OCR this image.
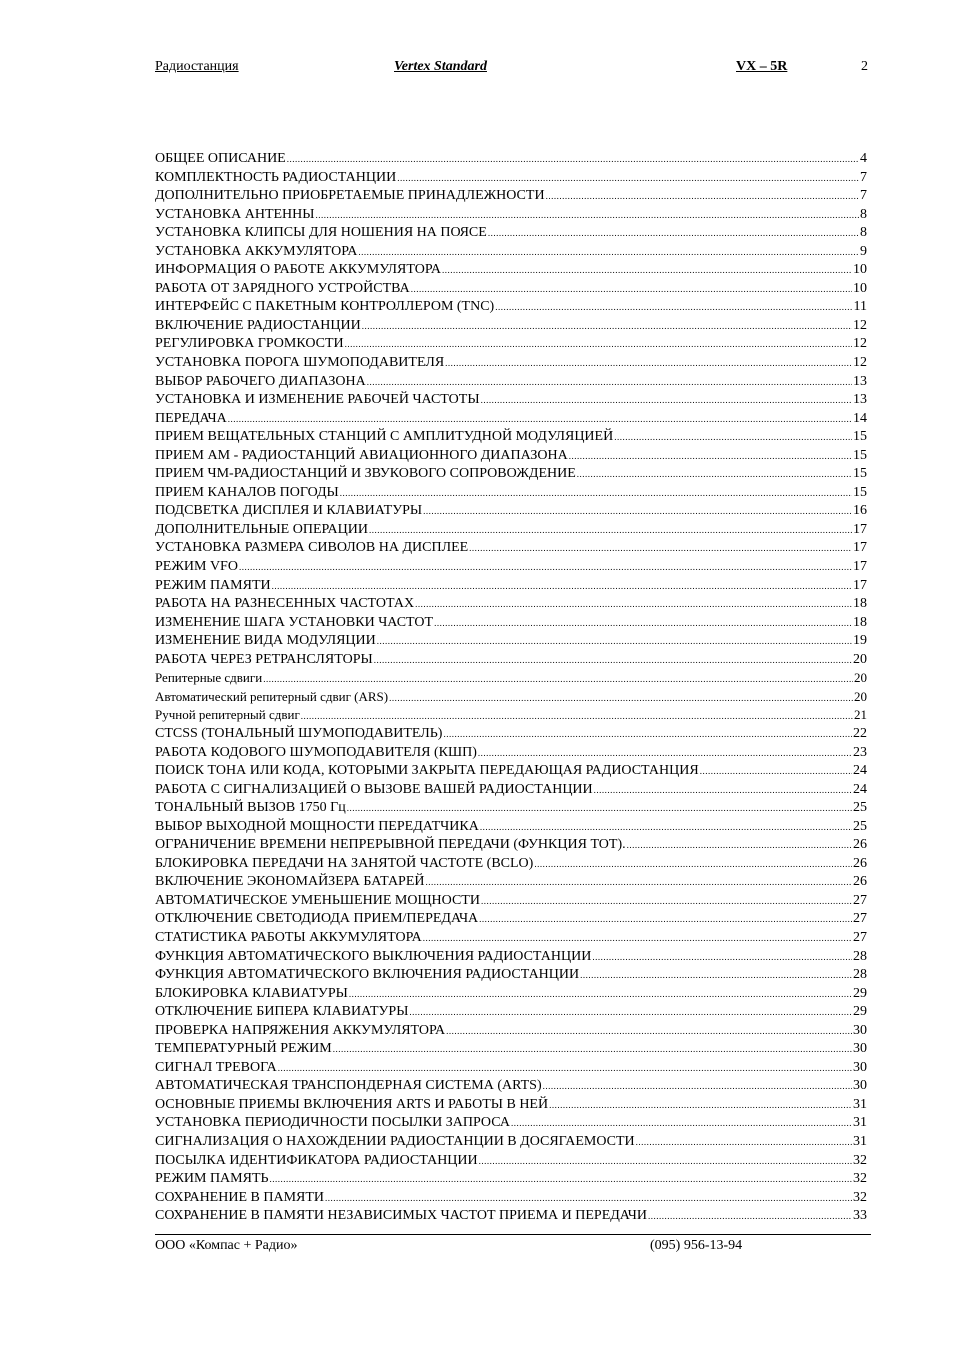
Радиостанция	Vertex Standard	VX – 5R	2
ОБЩЕЕ ОПИСАНИЕ .....	4
КОМПЛЕКТНОСТЬ РАДИОСТАНЦИИ .....	7
ДОПОЛНИТЕЛЬНО ПРИОБРЕТАЕМЫЕ ПРИНАДЛЕЖНОСТИ .....	7
УСТАНОВКА АНТЕННЫ .....	8
УСТАНОВКА КЛИПСЫ ДЛЯ НОШЕНИЯ НА ПОЯСЕ .....	8
УСТАНОВКА АККУМУЛЯТОРА .....	9
ИНФОРМАЦИЯ О РАБОТЕ АККУМУЛЯТОРА .....	10
РАБОТА ОТ ЗАРЯДНОГО УСТРОЙСТВА .....	10
ИНТЕРФЕЙС С ПАКЕТНЫМ КОНТРОЛЛЕРОМ (TNC) .....	11
ВКЛЮЧЕНИЕ РАДИОСТАНЦИИ .....	12
РЕГУЛИРОВКА ГРОМКОСТИ .....	12
УСТАНОВКА ПОРОГА ШУМОПОДАВИТЕЛЯ .....	12
ВЫБОР РАБОЧЕГО ДИАПАЗОНА .....	13
УСТАНОВКА И ИЗМЕНЕНИЕ РАБОЧЕЙ ЧАСТОТЫ .....	13
ПЕРЕДАЧА .....	14
ПРИЕМ ВЕЩАТЕЛЬНЫХ СТАНЦИЙ С АМПЛИТУДНОЙ МОДУЛЯЦИЕЙ .....	15
ПРИЕМ АМ - РАДИОСТАНЦИЙ АВИАЦИОННОГО ДИАПАЗОНА .....	15
ПРИЕМ ЧМ-РАДИОСТАНЦИЙ И ЗВУКОВОГО СОПРОВОЖДЕНИЕ .....	15
ПРИЕМ КАНАЛОВ ПОГОДЫ .....	15
ПОДСВЕТКА ДИСПЛЕЯ И КЛАВИАТУРЫ .....	16
ДОПОЛНИТЕЛЬНЫЕ ОПЕРАЦИИ .....	17
УСТАНОВКА РАЗМЕРА СИВОЛОВ НА ДИСПЛЕЕ .....	17
РЕЖИМ VFO .....	17
РЕЖИМ ПАМЯТИ .....	17
РАБОТА НА РАЗНЕСЕННЫХ ЧАСТОТАХ .....	18
ИЗМЕНЕНИЕ ШАГА УСТАНОВКИ ЧАСТОТ .....	18
ИЗМЕНЕНИЕ ВИДА МОДУЛЯЦИИ .....	19
РАБОТА ЧЕРЕЗ РЕТРАНСЛЯТОРЫ .....	20
Репитерные сдвиги .....	20
Автоматический репитерный сдвиг (ARS) .....	20
Ручной репитерный сдвиг .....	21
CTCSS (ТОНАЛЬНЫЙ ШУМОПОДАВИТЕЛЬ) .....	22
РАБОТА КОДОВОГО ШУМОПОДАВИТЕЛЯ (КШП) .....	23
ПОИСК ТОНА ИЛИ КОДА, КОТОРЫМИ ЗАКРЫТА ПЕРЕДАЮЩАЯ РАДИОСТАНЦИЯ .....	24
РАБОТА С СИГНАЛИЗАЦИЕЙ О ВЫЗОВЕ ВАШЕЙ РАДИОСТАНЦИИ .....	24
ТОНАЛЬНЫЙ ВЫЗОВ 1750 Гц .....	25
ВЫБОР ВЫХОДНОЙ МОЩНОСТИ ПЕРЕДАТЧИКА .....	25
ОГРАНИЧЕНИЕ ВРЕМЕНИ НЕПРЕРЫВНОЙ ПЕРЕДАЧИ (ФУНКЦИЯ ТОТ). .....	26
БЛОКИРОВКА ПЕРЕДАЧИ НА ЗАНЯТОЙ ЧАСТОТЕ (BCLO) .....	26
ВКЛЮЧЕНИЕ ЭКОНОМАЙЗЕРА БАТАРЕЙ .....	26
АВТОМАТИЧЕСКОЕ УМЕНЬШЕНИЕ МОЩНОСТИ .....	27
ОТКЛЮЧЕНИЕ СВЕТОДИОДА ПРИЕМ/ПЕРЕДАЧА .....	27
СТАТИСТИКА РАБОТЫ АККУМУЛЯТОРА .....	27
ФУНКЦИЯ АВТОМАТИЧЕСКОГО ВЫКЛЮЧЕНИЯ РАДИОСТАНЦИИ .....	28
ФУНКЦИЯ АВТОМАТИЧЕСКОГО ВКЛЮЧЕНИЯ РАДИОСТАНЦИИ .....	28
БЛОКИРОВКА КЛАВИАТУРЫ .....	29
ОТКЛЮЧЕНИЕ БИПЕРА КЛАВИАТУРЫ .....	29
ПРОВЕРКА НАПРЯЖЕНИЯ АККУМУЛЯТОРА .....	30
ТЕМПЕРАТУРНЫЙ РЕЖИМ .....	30
СИГНАЛ ТРЕВОГА .....	30
АВТОМАТИЧЕСКАЯ ТРАНСПОНДЕРНАЯ СИСТЕМА (ARTS) .....	30
ОСНОВНЫЕ ПРИЕМЫ ВКЛЮЧЕНИЯ ARTS И РАБОТЫ В НЕЙ .....	31
УСТАНОВКА ПЕРИОДИЧНОСТИ ПОСЫЛКИ ЗАПРОСА .....	31
СИГНАЛИЗАЦИЯ О НАХОЖДЕНИИ РАДИОСТАНЦИИ В ДОСЯГАЕМОСТИ .....	31
ПОСЫЛКА ИДЕНТИФИКАТОРА РАДИОСТАНЦИИ .....	32
РЕЖИМ ПАМЯТЬ .....	32
СОХРАНЕНИЕ В ПАМЯТИ .....	32
СОХРАНЕНИЕ В ПАМЯТИ НЕЗАВИСИМЫХ ЧАСТОТ ПРИЕМА И ПЕРЕДАЧИ .....	33
ООО «Компас + Радио»	(095) 956-13-94
